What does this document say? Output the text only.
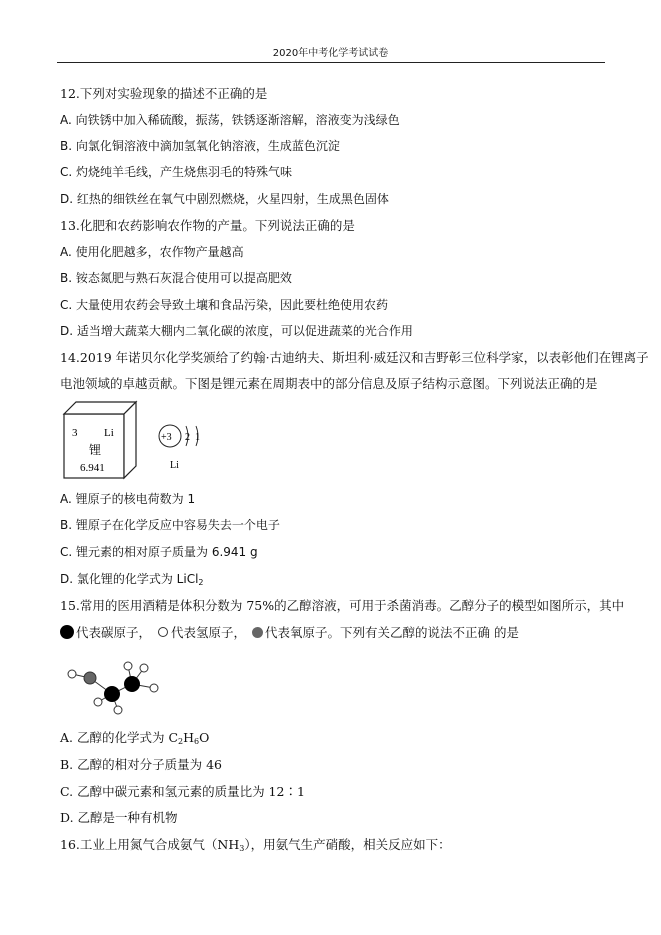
2020年中考化学考试试卷
12.下列对实验现象的描述不正确的是
A. 向铁锈中加入稀硫酸，振荡，铁锈逐渐溶解，溶液变为浅绿色
B. 向氯化铜溶液中滴加氢氧化钠溶液，生成蓝色沉淀
C. 灼烧纯羊毛线，产生烧焦羽毛的特殊气味
D. 红热的细铁丝在氧气中剧烈燃烧，火星四射，生成黑色固体
13.化肥和农药影响农作物的产量。下列说法正确的是
A. 使用化肥越多，农作物产量越高
B. 铵态氮肥与熟石灰混合使用可以提高肥效
C. 大量使用农药会导致土壤和食品污染，因此要杜绝使用农药
D. 适当增大蔬菜大棚内二氧化碳的浓度，可以促进蔬菜的光合作用
14.2019 年诺贝尔化学奖颁给了约翰·古迪纳夫、斯坦利·威廷汉和吉野彰三位科学家，以表彰他们在锂离子
电池领域的卓越贡献。下图是锂元素在周期表中的部分信息及原子结构示意图。下列说法正确的是
3 Li
锂
6.941
+3 2 1
Li
A. 锂原子的核电荷数为 1
B. 锂原子在化学反应中容易失去一个电子
C. 锂元素的相对原子质量为 6.941 g
D. 氯化锂的化学式为 LiCl$_2$
15.常用的医用酒精是体积分数为 75%的乙醇溶液，可用于杀菌消毒。乙醇分子的模型如图所示，其中
代表碳原子， 代表氢原子， 代表氧原子。下列有关乙醇的说法不正确 的是
A. 乙醇的化学式为 $C_2H_6O$
B. 乙醇的相对分子质量为 46
C. 乙醇中碳元素和氢元素的质量比为 12∶1
D. 乙醇是一种有机物
16.工业上用氮气合成氨气$(NH_3)$，用氨气生产硝酸，相关反应如下：
